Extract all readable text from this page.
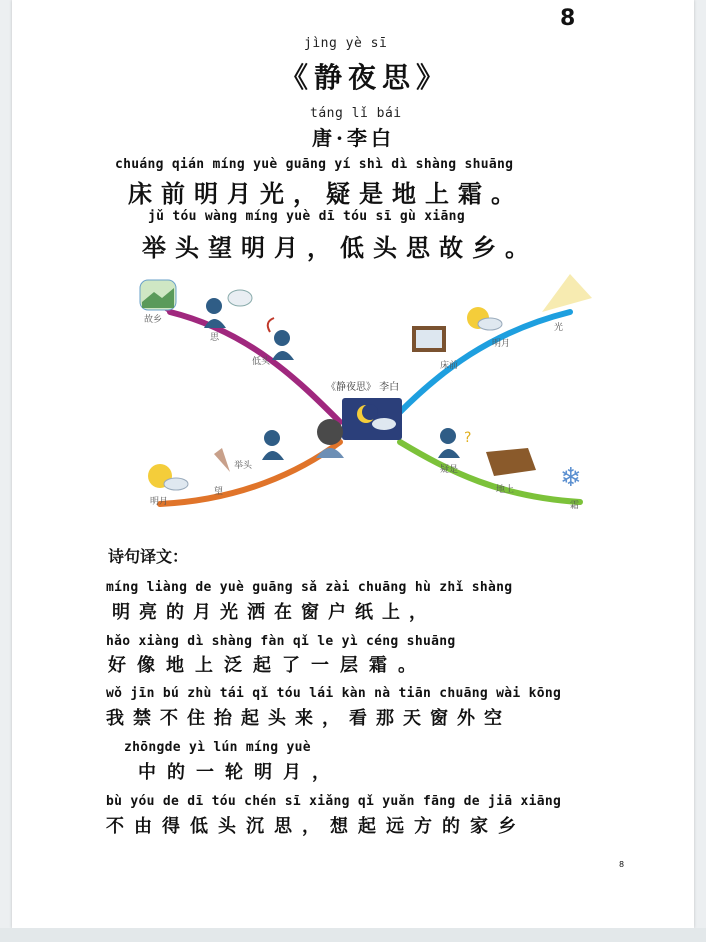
8
jìng yè sī
《静夜思》
táng lǐ bái
唐·李白
chuáng qián míng yuè guāng yí shì dì shàng shuāng
床前明月光，疑是地上霜。
jǔ tóu wàng míng yuè dī tóu sī gù xiāng
举头望明月，低头思故乡。
《静夜思》 李白
?
❄
故乡
思
低头	床前
明月
光
明月
望
举头	疑是
地上
霜
诗句译文：
míng liàng de yuè guāng sǎ zài chuāng hù zhǐ shàng
明亮的月光洒在窗户纸上，
hǎo xiàng dì shàng fàn qǐ le yì céng shuāng
好像地上泛起了一层霜。
wǒ jīn bú zhù tái qǐ tóu lái kàn nà tiān chuāng wài kōng
我禁不住抬起头来，看那天窗外空
zhōngde yì lún míng yuè
中的一轮明月，
bù yóu de dī tóu chén sī xiǎng qǐ yuǎn fāng de jiā xiāng
不由得低头沉思，想起远方的家乡
8
